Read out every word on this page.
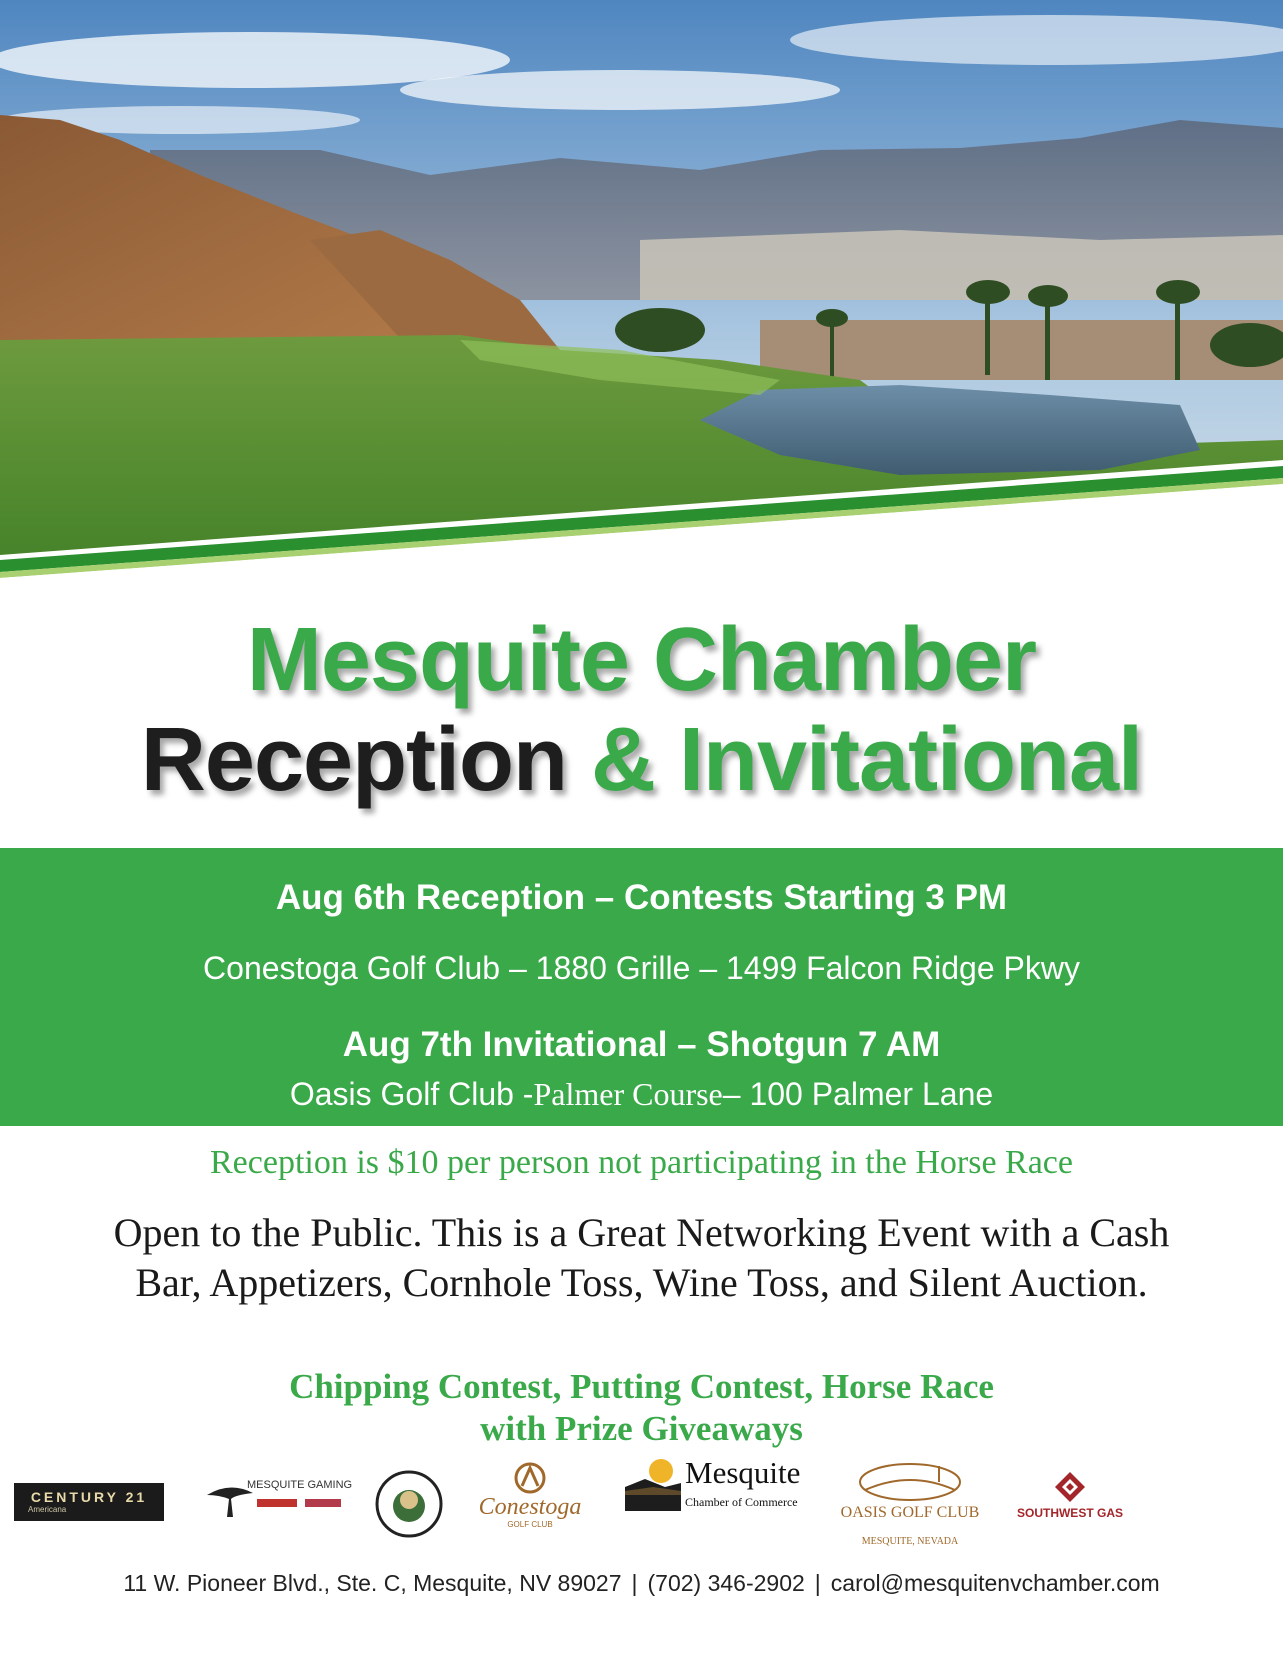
Mesquite Chamber
Reception & Invitational
Aug 6th Reception – Contests Starting 3 PM
Conestoga Golf Club – 1880 Grille – 1499 Falcon Ridge Pkwy
Aug 7th Invitational – Shotgun 7 AM
Oasis Golf Club -Palmer Course– 100 Palmer Lane
Reception is $10 per person not participating in the Horse Race
Open to the Public. This is a Great Networking Event with a Cash Bar, Appetizers, Cornhole Toss, Wine Toss, and Silent Auction.
Chipping Contest, Putting Contest, Horse Race
with Prize Giveaways
CENTURY 21
Americana
MESQUITE GAMING
Conestoga
GOLF CLUB
Mesquite
Chamber of Commerce
OASIS GOLF CLUB
MESQUITE, NEVADA
SOUTHWEST GAS
11 W. Pioneer Blvd., Ste. C, Mesquite, NV 89027 | (702) 346-2902 | carol@mesquitenvchamber.com
